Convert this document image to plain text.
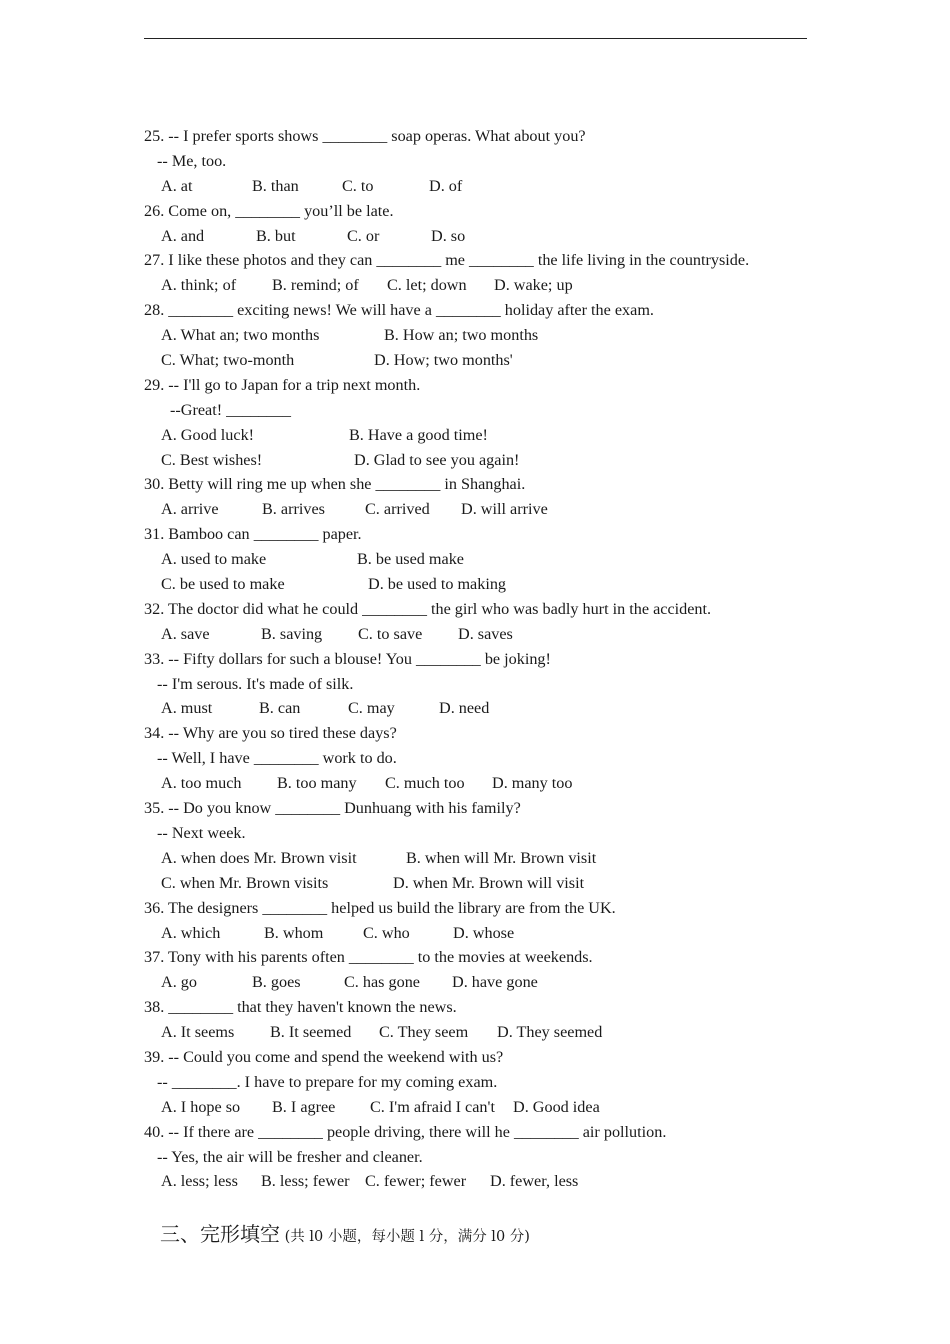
25. -- I prefer sports shows ________ soap operas. What about you?
-- Me, too.

A. at

	B. than

	C. to

	D. of

26. Come on, ________ you’ll be late.

A. and

	B. but

	C. or

	D. so

27. I like these photos and they can ________ me ________ the life living in the countryside.

A. think; of

B. remind; of

C. let; down

D. wake; up

28. ________ exciting news! We will have a ________ holiday after the exam.

A. What an; two months

	B. How an; two months

C. What; two-month

	D. How; two months'

29. -- I'll go to Japan for a trip next month.
--Great! ________

A. Good luck!

	B. Have a good time!

C. Best wishes!

	D. Glad to see you again!

30. Betty will ring me up when she ________ in Shanghai.

A. arrive

	B. arrives

C. arrived

D. will arrive

31. Bamboo can ________ paper.

A. used to make

	B. be used make

C. be used to make

	D. be used to making

32. The doctor did what he could ________ the girl who was badly hurt in the accident.

A. save

	B. saving

C. to save

D. saves

33. -- Fifty dollars for such a blouse! You ________ be joking!
-- I'm serous. It's made of silk.

A. must

	B. can

	C. may

	D. need

34. -- Why are you so tired these days?
-- Well, I have ________ work to do.

A. too much

B. too many

C. much too

D. many too

35. -- Do you know ________ Dunhuang with his family?
-- Next week.

A. when does Mr. Brown visit

	B. when will Mr. Brown visit

C. when Mr. Brown visits

	D. when Mr. Brown will visit

36. The designers ________ helped us build the library are from the UK.

A. which

	B. whom

C. who

	D. whose

37. Tony with his parents often ________ to the movies at weekends.

A. go

	B. goes

	C. has gone

D. have gone

38. ________ that they haven't known the news.

A. It seems

B. It seemed

C. They seem

D. They seemed

39. -- Could you come and spend the weekend with us?
-- ________. I have to prepare for my coming exam.

A. I hope so

B. I agree

C. I'm afraid I can't

D. Good idea

40. -- If there are ________ people driving, there will he ________ air pollution.
-- Yes, the air will be fresher and cleaner.

A. less; less

B. less; fewer

C. fewer; fewer

D. fewer, less

三、完形填空 (共 l0 小题，每小题 l 分，满分 l0 分)
